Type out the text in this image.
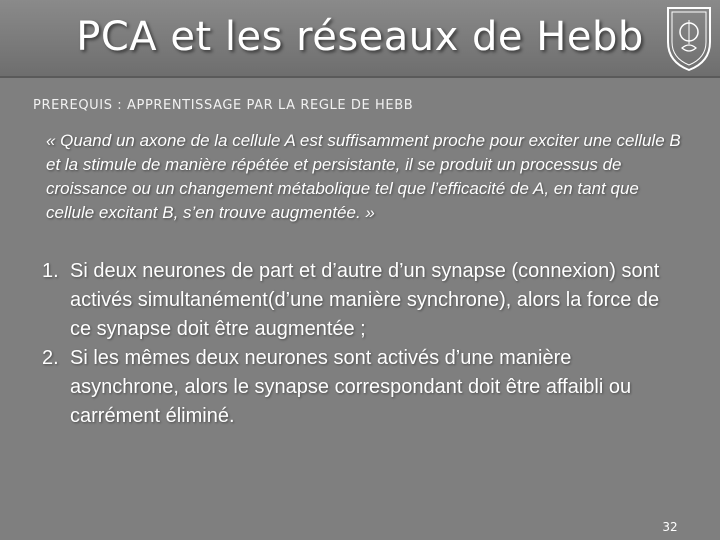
PCA et les réseaux de Hebb
PREREQUIS : APPRENTISSAGE PAR LA REGLE DE HEBB
« Quand un axone de la cellule A est suffisamment proche pour exciter une cellule B et la stimule de manière répétée et persistante, il se produit un processus de croissance ou un changement métabolique tel que l’efficacité de A, en tant que cellule excitant B, s’en trouve augmentée. »
1. Si deux neurones de part et d’autre d’un synapse (connexion) sont activés simultanément(d’une manière synchrone), alors la force de ce synapse doit être augmentée ;
2. Si les mêmes deux neurones sont activés d’une manière asynchrone, alors le synapse correspondant doit être affaibli ou carrément éliminé.
32
